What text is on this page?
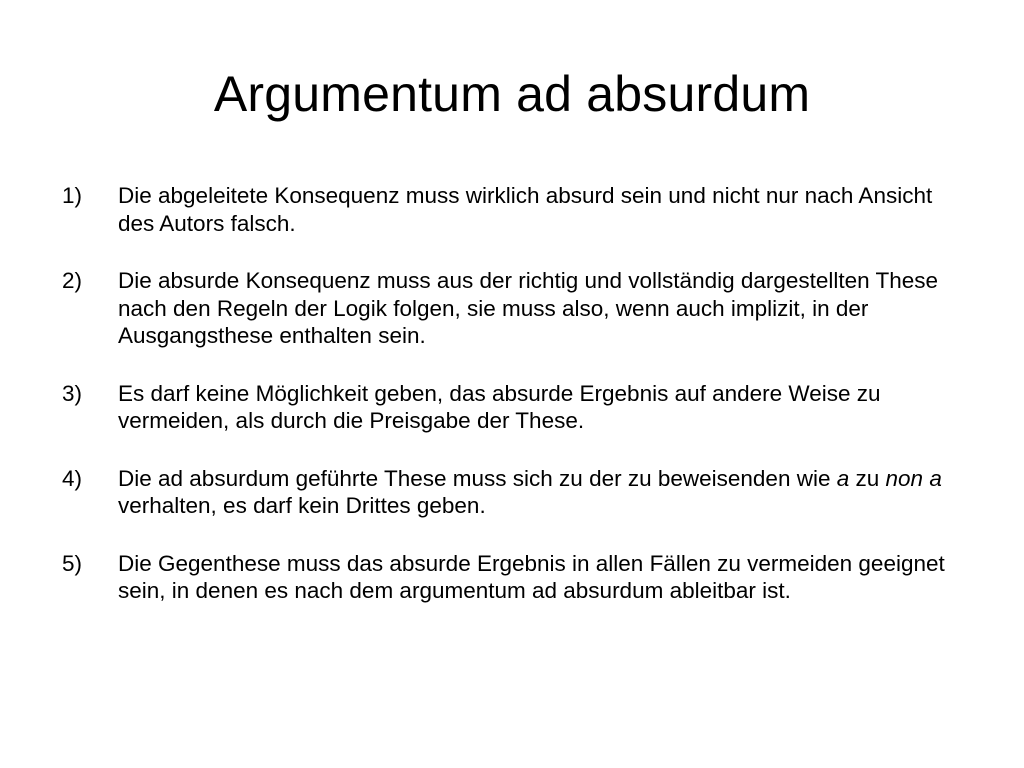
Argumentum ad absurdum
1) Die abgeleitete Konsequenz muss wirklich absurd sein und nicht nur nach Ansicht des Autors falsch.
2) Die absurde Konsequenz muss aus der richtig und vollständig dargestellten These nach den Regeln der Logik folgen, sie muss also, wenn auch implizit, in der Ausgangsthese enthalten sein.
3) Es darf keine Möglichkeit geben, das absurde Ergebnis auf andere Weise zu vermeiden, als durch die Preisgabe der These.
4) Die ad absurdum geführte These muss sich zu der zu beweisenden wie a zu non a verhalten, es darf kein Drittes geben.
5) Die Gegenthese muss das absurde Ergebnis in allen Fällen zu vermeiden geeignet sein, in denen es nach dem argumentum ad absurdum ableitbar ist.
